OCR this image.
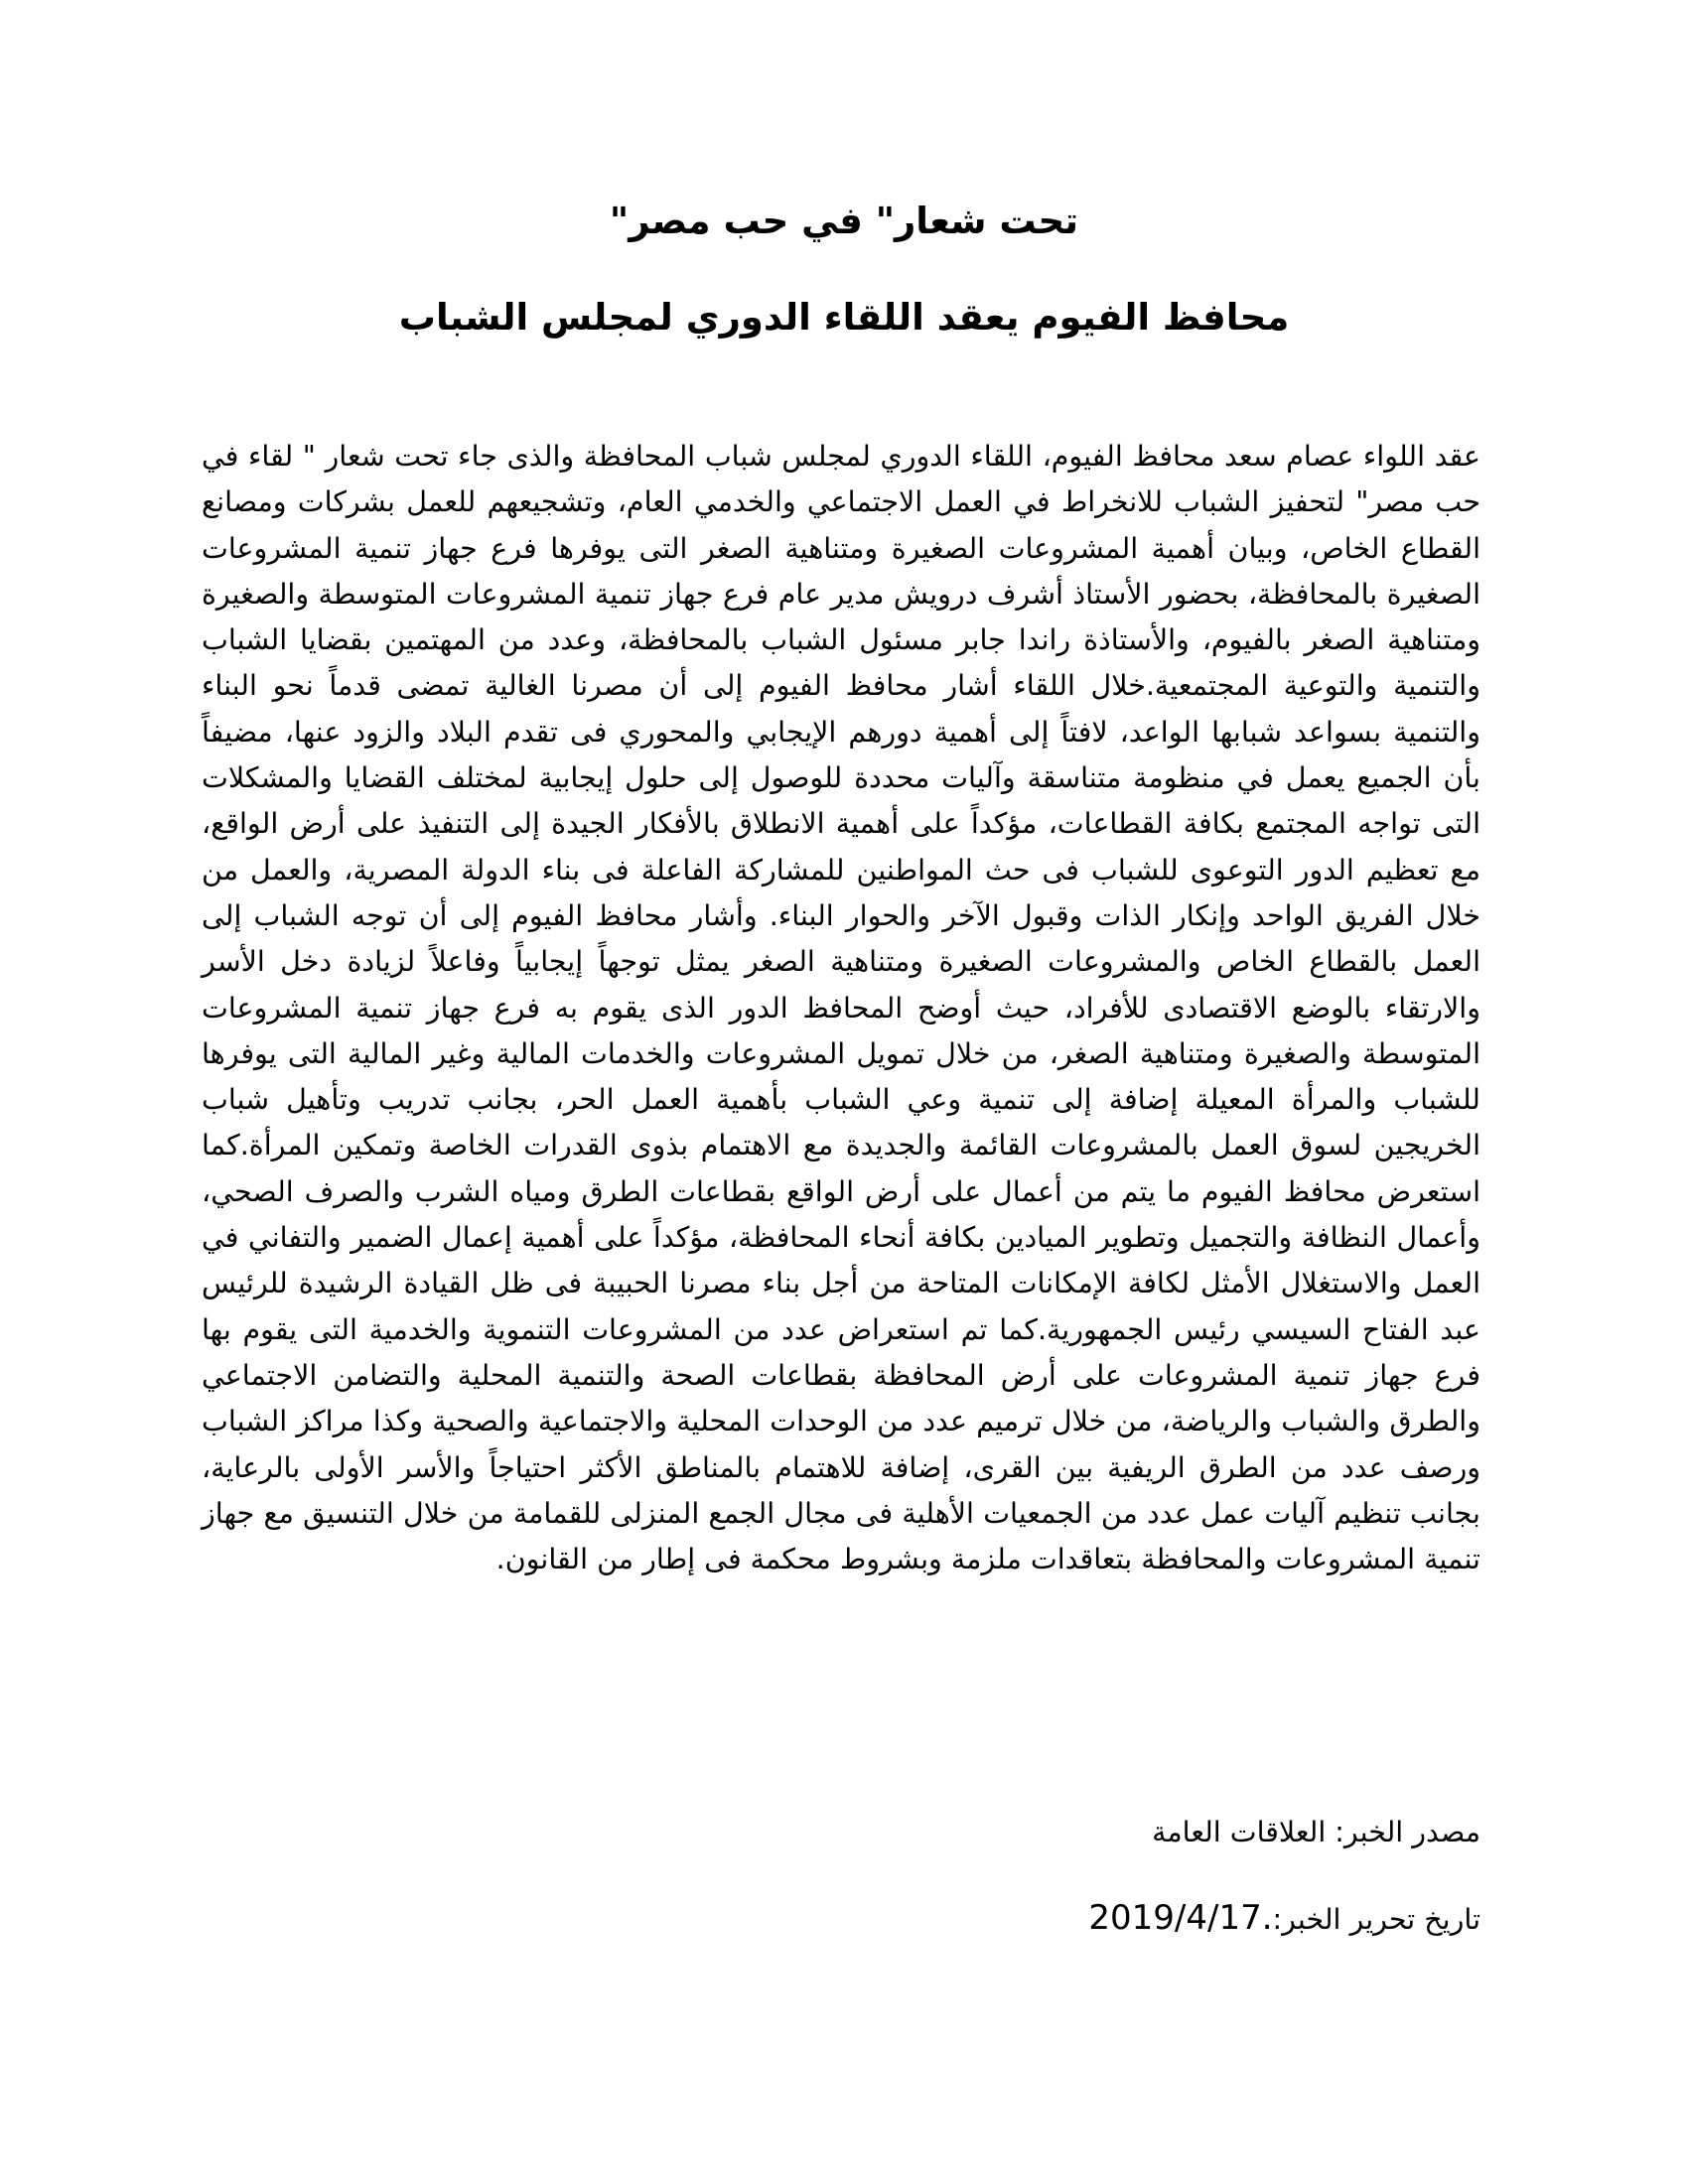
تحت شعار" في حب مصر"
محافظ الفيوم يعقد اللقاء الدوري لمجلس الشباب

عقد اللواء عصام سعد محافظ الفيوم، اللقاء الدوري لمجلس شباب المحافظة والذى جاء تحت شعار " لقاء في حب مصر" لتحفيز الشباب للانخراط في العمل الاجتماعي والخدمي العام، وتشجيعهم للعمل بشركات ومصانع القطاع الخاص، وبيان أهمية المشروعات الصغيرة ومتناهية الصغر التى يوفرها فرع جهاز تنمية المشروعات الصغيرة بالمحافظة، بحضور الأستاذ أشرف درويش مدير عام فرع جهاز تنمية المشروعات المتوسطة والصغيرة ومتناهية الصغر بالفيوم، والأستاذة راندا جابر مسئول الشباب بالمحافظة، وعدد من المهتمين بقضايا الشباب والتنمية والتوعية المجتمعية.خلال اللقاء أشار محافظ الفيوم إلى أن مصرنا الغالية تمضى قدماً نحو البناء والتنمية بسواعد شبابها الواعد، لافتاً إلى أهمية دورهم الإيجابي والمحوري فى تقدم البلاد والزود عنها، مضيفاً بأن الجميع يعمل في منظومة متناسقة وآليات محددة للوصول إلى حلول إيجابية لمختلف القضايا والمشكلات التى تواجه المجتمع بكافة القطاعات، مؤكداً على أهمية الانطلاق بالأفكار الجيدة إلى التنفيذ على أرض الواقع، مع تعظيم الدور التوعوى للشباب فى حث المواطنين للمشاركة الفاعلة فى بناء الدولة المصرية، والعمل من خلال الفريق الواحد وإنكار الذات وقبول الآخر والحوار البناء. وأشار محافظ الفيوم إلى أن توجه الشباب إلى العمل بالقطاع الخاص والمشروعات الصغيرة ومتناهية الصغر يمثل توجهاً إيجابياً وفاعلاً لزيادة دخل الأسر والارتقاء بالوضع الاقتصادى للأفراد، حيث أوضح المحافظ الدور الذى يقوم به فرع جهاز تنمية المشروعات المتوسطة والصغيرة ومتناهية الصغر، من خلال تمويل المشروعات والخدمات المالية وغير المالية التى يوفرها للشباب والمرأة المعيلة إضافة إلى تنمية وعي الشباب بأهمية العمل الحر، بجانب تدريب وتأهيل شباب الخريجين لسوق العمل بالمشروعات القائمة والجديدة مع الاهتمام بذوى القدرات الخاصة وتمكين المرأة.كما استعرض محافظ الفيوم ما يتم من أعمال على أرض الواقع بقطاعات الطرق ومياه الشرب والصرف الصحي، وأعمال النظافة والتجميل وتطوير الميادين بكافة أنحاء المحافظة، مؤكداً على أهمية إعمال الضمير والتفاني في العمل والاستغلال الأمثل لكافة الإمكانات المتاحة من أجل بناء مصرنا الحبيبة فى ظل القيادة الرشيدة للرئيس عبد الفتاح السيسي رئيس الجمهورية.كما تم استعراض عدد من المشروعات التنموية والخدمية التى يقوم بها فرع جهاز تنمية المشروعات على أرض المحافظة بقطاعات الصحة والتنمية المحلية والتضامن الاجتماعي والطرق والشباب والرياضة، من خلال ترميم عدد من الوحدات المحلية والاجتماعية والصحية وكذا مراكز الشباب ورصف عدد من الطرق الريفية بين القرى، إضافة للاهتمام بالمناطق الأكثر احتياجاً والأسر الأولى بالرعاية، بجانب تنظيم آليات عمل عدد من الجمعيات الأهلية فى مجال الجمع المنزلى للقمامة من خلال التنسيق مع جهاز تنمية المشروعات والمحافظة بتعاقدات ملزمة وبشروط محكمة فى إطار من القانون.

مصدر الخبر: العلاقات العامة

تاريخ تحرير الخبر:2019/4/17.
